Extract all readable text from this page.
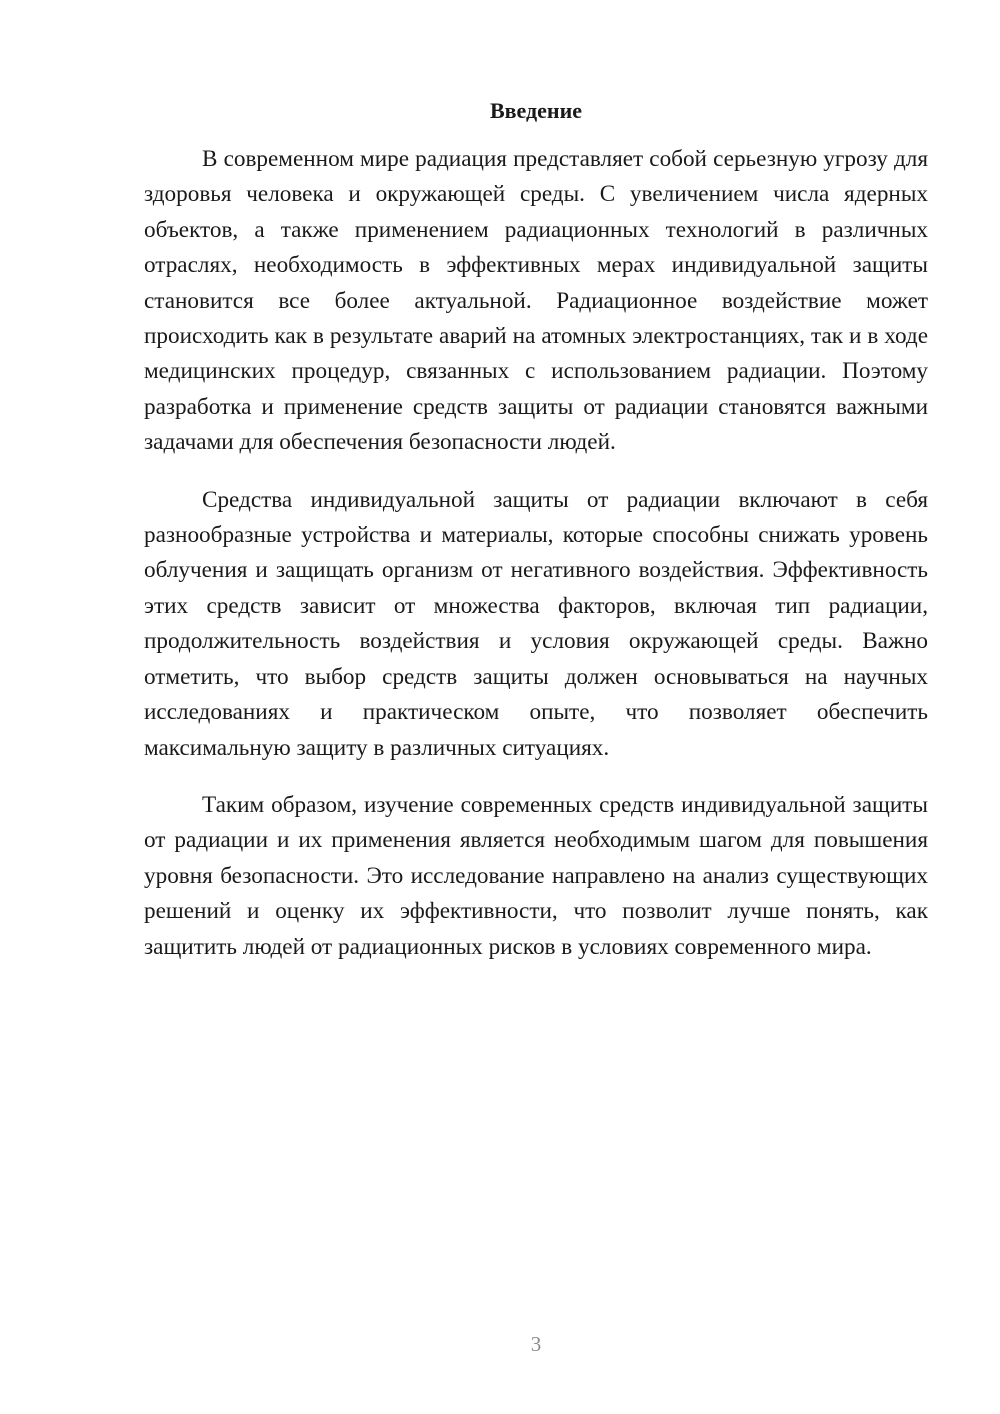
Введение

В современном мире радиация представляет собой серьезную угрозу для здоровья человека и окружающей среды. С увеличением числа ядерных объектов, а также применением радиационных технологий в различных отраслях, необходимость в эффективных мерах индивидуальной защиты становится все более актуальной. Радиационное воздействие может происходить как в результате аварий на атомных электростанциях, так и в ходе медицинских процедур, связанных с использованием радиации. Поэтому разработка и применение средств защиты от радиации становятся важными задачами для обеспечения безопасности людей.

Средства индивидуальной защиты от радиации включают в себя разнообразные устройства и материалы, которые способны снижать уровень облучения и защищать организм от негативного воздействия. Эффективность этих средств зависит от множества факторов, включая тип радиации, продолжительность воздействия и условия окружающей среды. Важно отметить, что выбор средств защиты должен основываться на научных исследованиях и практическом опыте, что позволяет обеспечить максимальную защиту в различных ситуациях.

Таким образом, изучение современных средств индивидуальной защиты от радиации и их применения является необходимым шагом для повышения уровня безопасности. Это исследование направлено на анализ существующих решений и оценку их эффективности, что позволит лучше понять, как защитить людей от радиационных рисков в условиях современного мира.

3
